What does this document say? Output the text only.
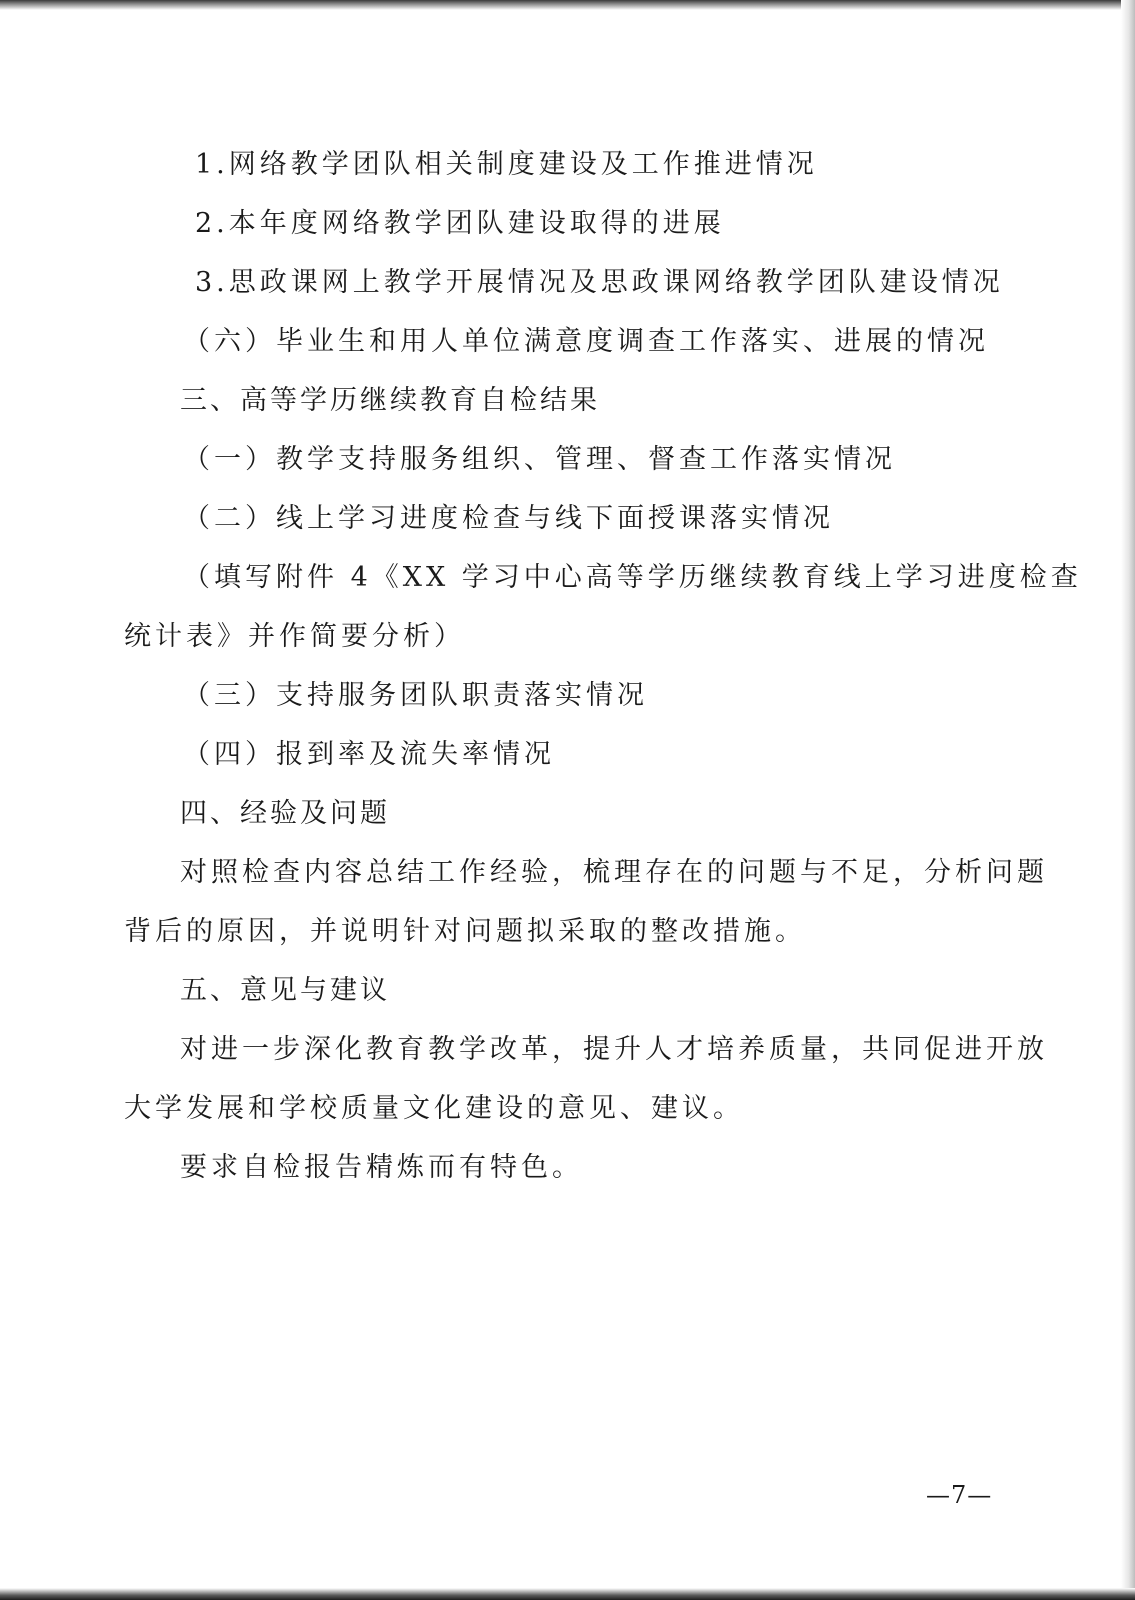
1.网络教学团队相关制度建设及工作推进情况
2.本年度网络教学团队建设取得的进展
3.思政课网上教学开展情况及思政课网络教学团队建设情况
（六）毕业生和用人单位满意度调查工作落实、进展的情况
三、高等学历继续教育自检结果
（一）教学支持服务组织、管理、督查工作落实情况
（二）线上学习进度检查与线下面授课落实情况
（填写附件 4《XX 学习中心高等学历继续教育线上学习进度检查
统计表》并作简要分析）
（三）支持服务团队职责落实情况
（四）报到率及流失率情况
四、经验及问题
对照检查内容总结工作经验，梳理存在的问题与不足，分析问题
背后的原因，并说明针对问题拟采取的整改措施。
五、意见与建议
对进一步深化教育教学改革，提升人才培养质量，共同促进开放
大学发展和学校质量文化建设的意见、建议。
要求自检报告精炼而有特色。
—7—
